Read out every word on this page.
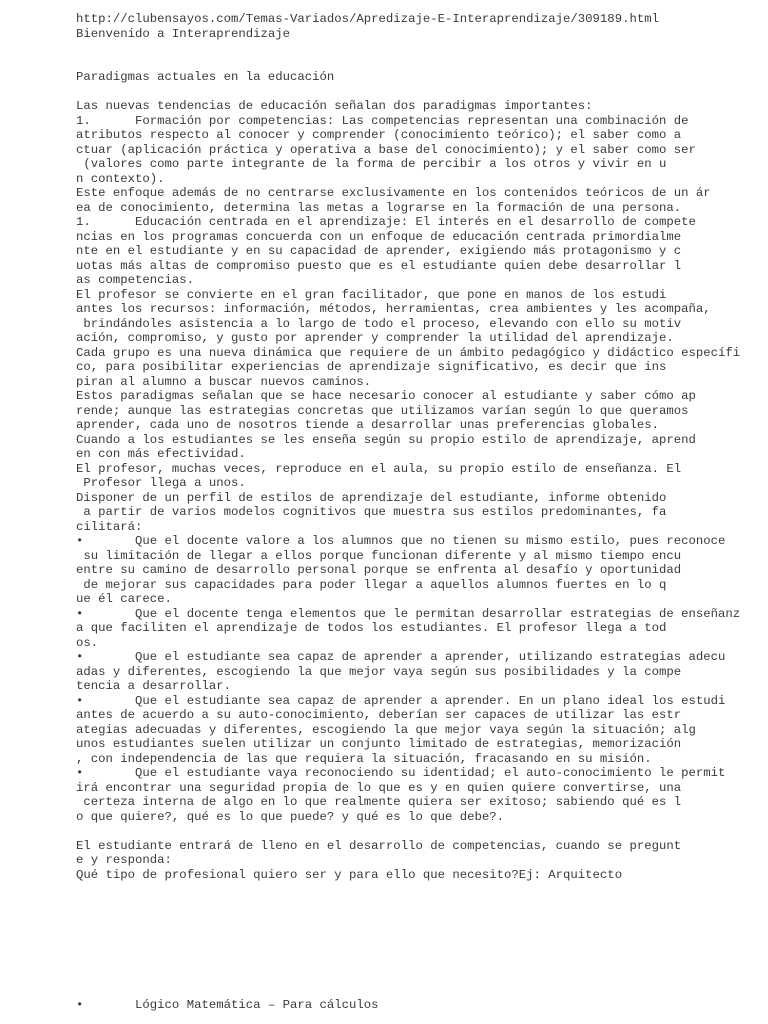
http://clubensayos.com/Temas-Variados/Apredizaje-E-Interaprendizaje/309189.html
Bienvenido a Interaprendizaje
Paradigmas actuales en la educación
Las nuevas tendencias de educación señalan dos paradigmas importantes:
1.      Formación por competencias: Las competencias representan una combinación de
atributos respecto al conocer y comprender (conocimiento teórico); el saber como a
ctuar (aplicación práctica y operativa a base del conocimiento); y el saber como ser
(valores como parte integrante de la forma de percibir a los otros y vivir en u
n contexto).
Este enfoque además de no centrarse exclusivamente en los contenidos teóricos de un ár
ea de conocimiento, determina las metas a lograrse en la formación de una persona.
1.      Educación centrada en el aprendizaje: El interés en el desarrollo de compete
ncias en los programas concuerda con un enfoque de educación centrada primordialme
nte en el estudiante y en su capacidad de aprender, exigiendo más protagonismo y c
uotas más altas de compromiso puesto que es el estudiante quien debe desarrollar l
as competencias.
El profesor se convierte en el gran facilitador, que pone en manos de los estudi
antes los recursos: información, métodos, herramientas, crea ambientes y les acompaña,
brindándoles asistencia a lo largo de todo el proceso, elevando con ello su motiv
ación, compromiso, y gusto por aprender y comprender la utilidad del aprendizaje.
Cada grupo es una nueva dinámica que requiere de un ámbito pedagógico y didáctico específi
co, para posibilitar experiencias de aprendizaje significativo, es decir que ins
piran al alumno a buscar nuevos caminos.
Estos paradigmas señalan que se hace necesario conocer al estudiante y saber cómo ap
rende; aunque las estrategias concretas que utilizamos varían según lo que queramos
aprender, cada uno de nosotros tiende a desarrollar unas preferencias globales.
Cuando a los estudiantes se les enseña según su propio estilo de aprendizaje, aprend
en con más efectividad.
El profesor, muchas veces, reproduce en el aula, su propio estilo de enseñanza. El
Profesor llega a unos.
Disponer de un perfil de estilos de aprendizaje del estudiante, informe obtenido
a partir de varios modelos cognitivos que muestra sus estilos predominantes, fa
cilitará:
•       Que el docente valore a los alumnos que no tienen su mismo estilo, pues reconoce
su limitación de llegar a ellos porque funcionan diferente y al mismo tiempo encu
entre su camino de desarrollo personal porque se enfrenta al desafío y oportunidad
de mejorar sus capacidades para poder llegar a aquellos alumnos fuertes en lo q
ue él carece.
•       Que el docente tenga elementos que le permitan desarrollar estrategias de enseñanz
a que faciliten el aprendizaje de todos los estudiantes. El profesor llega a tod
os.
•       Que el estudiante sea capaz de aprender a aprender, utilizando estrategias adecu
adas y diferentes, escogiendo la que mejor vaya según sus posibilidades y la compe
tencia a desarrollar.
•       Que el estudiante sea capaz de aprender a aprender. En un plano ideal los estudi
antes de acuerdo a su auto-conocimiento, deberían ser capaces de utilizar las estr
ategias adecuadas y diferentes, escogiendo la que mejor vaya según la situación; alg
unos estudiantes suelen utilizar un conjunto limitado de estrategias, memorización
, con independencia de las que requiera la situación, fracasando en su misión.
•       Que el estudiante vaya reconociendo su identidad; el auto-conocimiento le permit
irá encontrar una seguridad propia de lo que es y en quien quiere convertirse, una
certeza interna de algo en lo que realmente quiera ser exitoso; sabiendo qué es l
o que quiere?, qué es lo que puede? y qué es lo que debe?.
El estudiante entrará de lleno en el desarrollo de competencias, cuando se pregunt
e y responda:
Qué tipo de profesional quiero ser y para ello que necesito?Ej: Arquitecto
•       Lógico Matemática – Para cálculos
